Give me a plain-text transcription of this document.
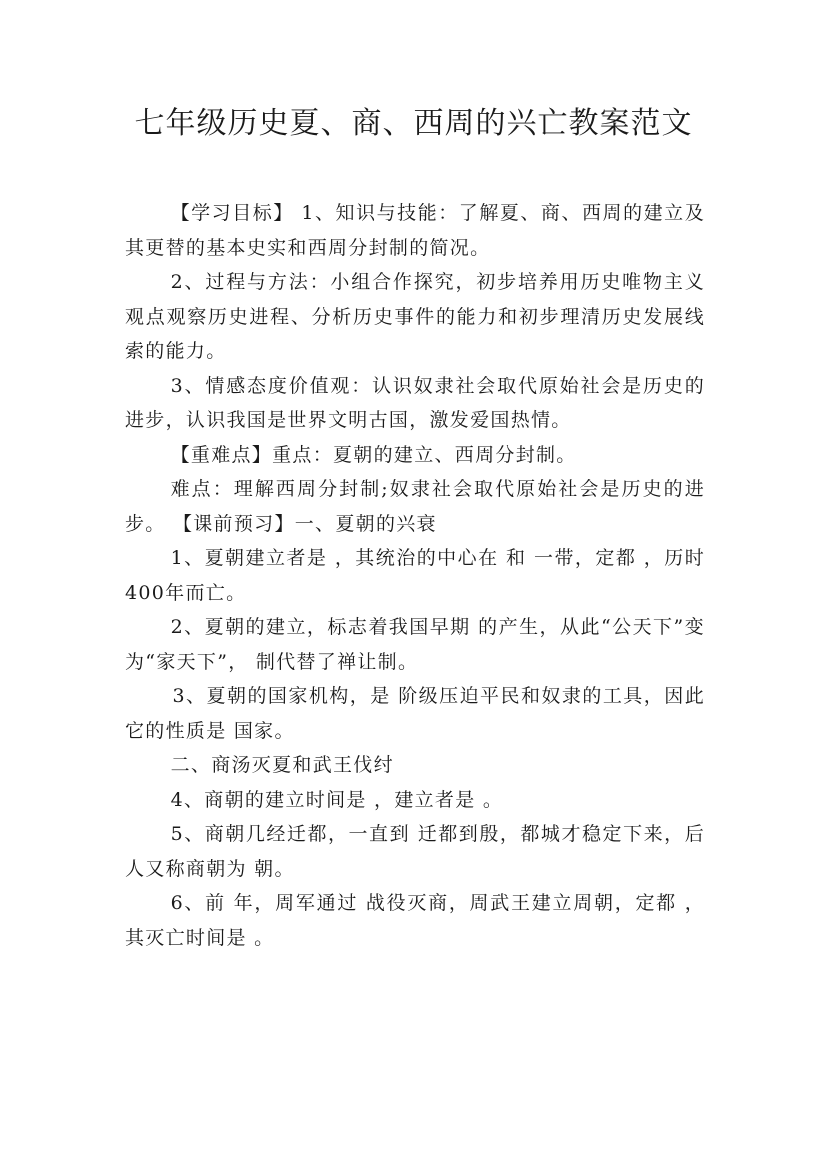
七年级历史夏、商、西周的兴亡教案范文

【学习目标】 1、知识与技能：了解夏、商、西周的建立及其更替的基本史实和西周分封制的简况。

2、过程与方法：小组合作探究，初步培养用历史唯物主义观点观察历史进程、分析历史事件的能力和初步理清历史发展线索的能力。

3、情感态度价值观：认识奴隶社会取代原始社会是历史的进步，认识我国是世界文明古国，激发爱国热情。

【重难点】重点：夏朝的建立、西周分封制。

难点：理解西周分封制;奴隶社会取代原始社会是历史的进步。 【课前预习】一、夏朝的兴衰

1、夏朝建立者是 ，其统治的中心在 和 一带，定都 ，历时400年而亡。

2、夏朝的建立，标志着我国早期 的产生，从此“公天下”变为“家天下”， 制代替了禅让制。

3、夏朝的国家机构，是 阶级压迫平民和奴隶的工具，因此它的性质是 国家。

二、商汤灭夏和武王伐纣

4、商朝的建立时间是 ，建立者是 。

5、商朝几经迁都，一直到 迁都到殷，都城才稳定下来，后人又称商朝为 朝。

6、前 年，周军通过 战役灭商，周武王建立周朝，定都 ，其灭亡时间是 。
